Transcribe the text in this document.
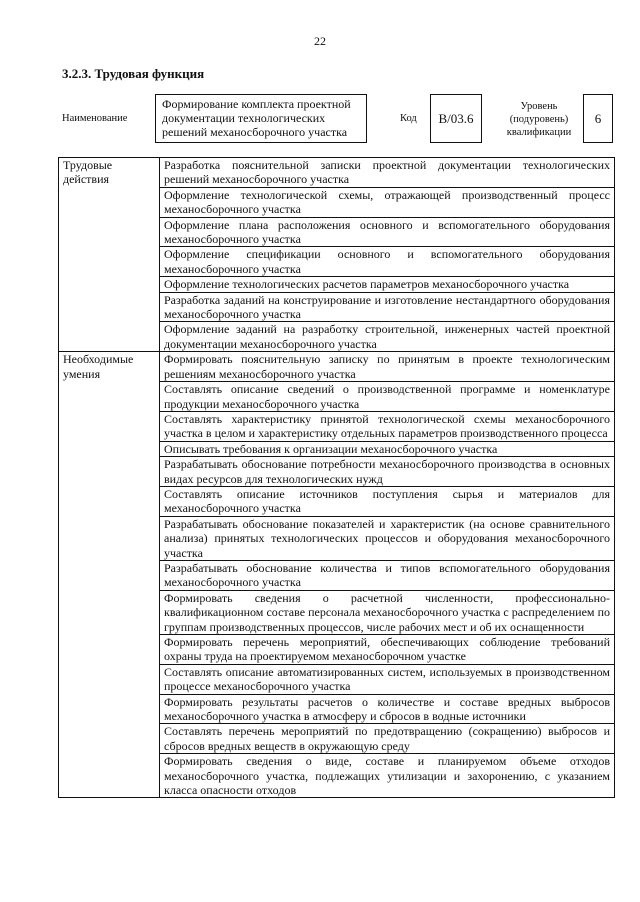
22
3.2.3. Трудовая функция
Наименование
Формирование комплекта проектной документации технологических решений механосборочного участка
Код	B/03.6
Уровень (подуровень) квалификации
6
Трудовые действия	Разработка пояснительной записки проектной документации технологических решений механосборочного участка
	Оформление технологической схемы, отражающей производственный процесс механосборочного участка
	Оформление плана расположения основного и вспомогательного оборудования механосборочного участка
	Оформление спецификации основного и вспомогательного оборудования механосборочного участка
	Оформление технологических расчетов параметров механосборочного участка
	Разработка заданий на конструирование и изготовление нестандартного оборудования механосборочного участка
	Оформление заданий на разработку строительной, инженерных частей проектной документации механосборочного участка
Необходимые умения	Формировать пояснительную записку по принятым в проекте технологическим решениям механосборочного участка
	Составлять описание сведений о производственной программе и номенклатуре продукции механосборочного участка
	Составлять характеристику принятой технологической схемы механосборочного участка в целом и характеристику отдельных параметров производственного процесса
	Описывать требования к организации механосборочного участка
	Разрабатывать обоснование потребности механосборочного производства в основных видах ресурсов для технологических нужд
	Составлять описание источников поступления сырья и материалов для механосборочного участка
	Разрабатывать обоснование показателей и характеристик (на основе сравнительного анализа) принятых технологических процессов и оборудования механосборочного участка
	Разрабатывать обоснование количества и типов вспомогательного оборудования механосборочного участка
	Формировать сведения о расчетной численности, профессионально-квалификационном составе персонала механосборочного участка с распределением по группам производственных процессов, числе рабочих мест и об их оснащенности
	Формировать перечень мероприятий, обеспечивающих соблюдение требований охраны труда на проектируемом механосборочном участке
	Составлять описание автоматизированных систем, используемых в производственном процессе механосборочного участка
	Формировать результаты расчетов о количестве и составе вредных выбросов механосборочного участка в атмосферу и сбросов в водные источники
	Составлять перечень мероприятий по предотвращению (сокращению) выбросов и сбросов вредных веществ в окружающую среду
	Формировать сведения о виде, составе и планируемом объеме отходов механосборочного участка, подлежащих утилизации и захоронению, с указанием класса опасности отходов
